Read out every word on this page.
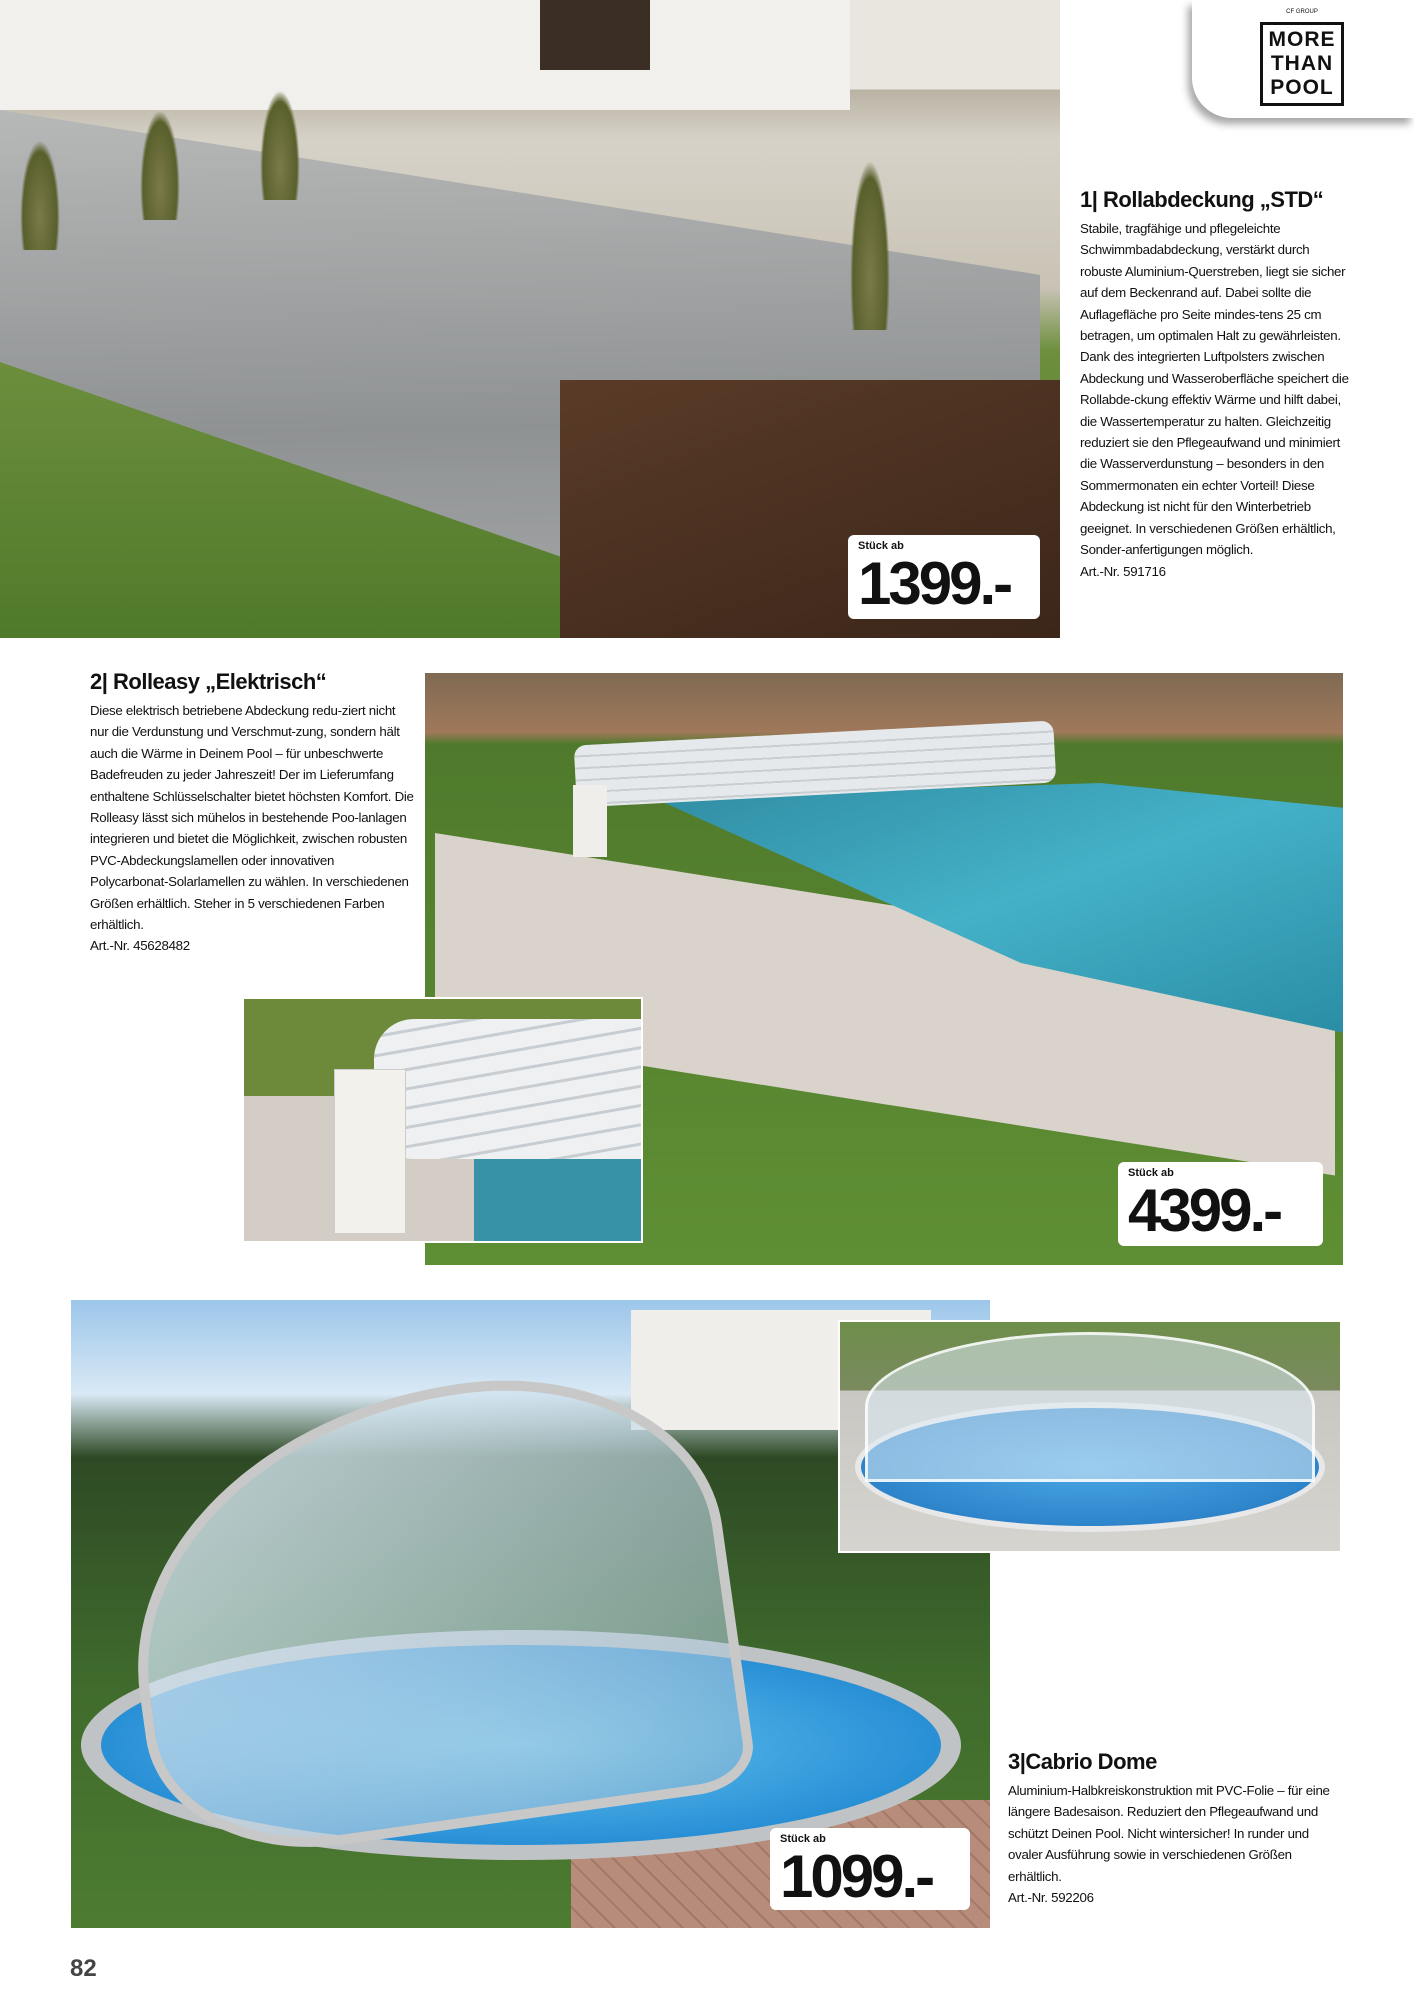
Stück ab
1399.-
MORE
THAN
POOL
CF GROUP
1| Rollabdeckung „STD“

Stabile, tragfähige und pflegeleichte Schwimmbadabdeckung, verstärkt durch robuste Aluminium-Querstreben, liegt sie sicher auf dem Beckenrand auf. Dabei sollte die Auflagefläche pro Seite mindes-tens 25 cm betragen, um optimalen Halt zu gewährleisten. Dank des integrierten Luftpolsters zwischen Abdeckung und Wasseroberfläche speichert die Rollabde-ckung effektiv Wärme und hilft dabei, die Wassertemperatur zu halten. Gleichzeitig reduziert sie den Pflegeaufwand und minimiert die Wasserverdunstung – besonders in den Sommermonaten ein echter Vorteil! Diese Abdeckung ist nicht für den Winterbetrieb geeignet. In verschiedenen Größen erhältlich, Sonder-anfertigungen möglich.

Art.-Nr. 591716
2| Rolleasy „Elektrisch“

Diese elektrisch betriebene Abdeckung redu-ziert nicht nur die Verdunstung und Verschmut-zung, sondern hält auch die Wärme in Deinem Pool – für unbeschwerte Badefreuden zu jeder Jahreszeit! Der im Lieferumfang enthaltene Schlüsselschalter bietet höchsten Komfort. Die Rolleasy lässt sich mühelos in bestehende Poo-lanlagen integrieren und bietet die Möglichkeit, zwischen robusten PVC-Abdeckungslamellen oder innovativen Polycarbonat-Solarlamellen zu wählen. In verschiedenen Größen erhältlich. Steher in 5 verschiedenen Farben erhältlich.

Art.-Nr. 45628482
Stück ab
4399.-
Stück ab
1099.-
3|Cabrio Dome

Aluminium-Halbkreiskonstruktion mit PVC-Folie – für eine längere Badesaison. Reduziert den Pflegeaufwand und schützt Deinen Pool. Nicht wintersicher! In runder und ovaler Ausführung sowie in verschiedenen Größen erhältlich.

Art.-Nr. 592206
82
